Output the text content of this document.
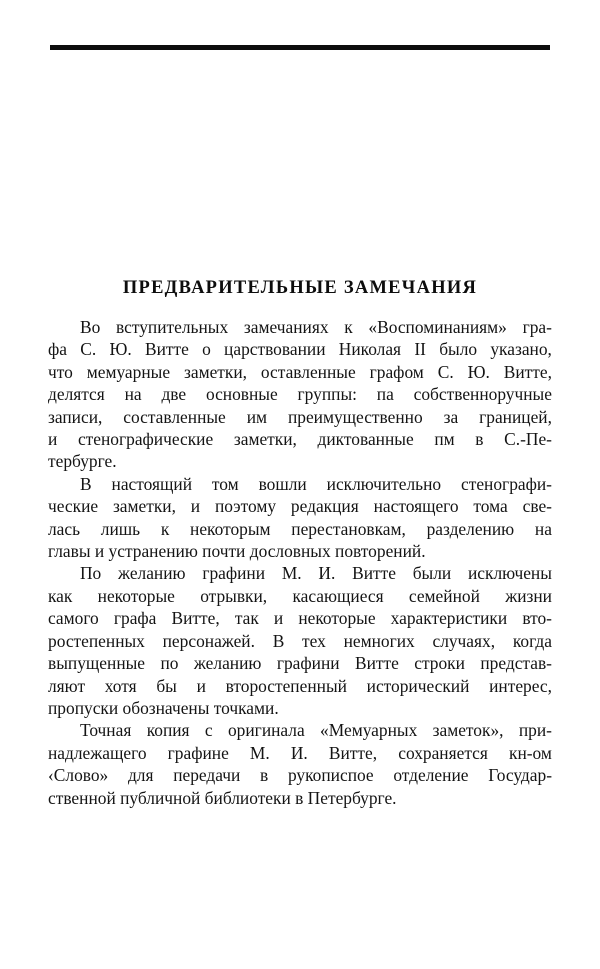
ПРЕДВАРИТЕЛЬНЫЕ ЗАМЕЧАНИЯ

Во вступительных замечаниях к «Воспоминаниям» гра-
фа С. Ю. Витте о царствовании Николая II было указано,
что мемуарные заметки, оставленные графом С. Ю. Витте,
делятся на две основные группы: па собственноручные
записи, составленные им преимущественно за границей,
и стенографические заметки, диктованные пм в С.-Пе-
тербурге.

В настоящий том вошли исключительно стенографи-
ческие заметки, и поэтому редакция настоящего тома све-
лась лишь к некоторым перестановкам, разделению на
главы и устранению почти дословных повторений.

По желанию графини М. И. Витте были исключены
как некоторые отрывки, касающиеся семейной жизни
самого графа Витте, так и некоторые характеристики вто-
ростепенных персонажей. В тех немногих случаях, когда
выпущенные по желанию графини Витте строки представ-
ляют хотя бы и второстепенный исторический интерес,
пропуски обозначены точками.

Точная копия с оригинала «Мемуарных заметок», при-
надлежащего графине М. И. Витте, сохраняется кн-ом
‹Слово» для передачи в рукописпое отделение Государ-
ственной публичной библиотеки в Петербурге.
